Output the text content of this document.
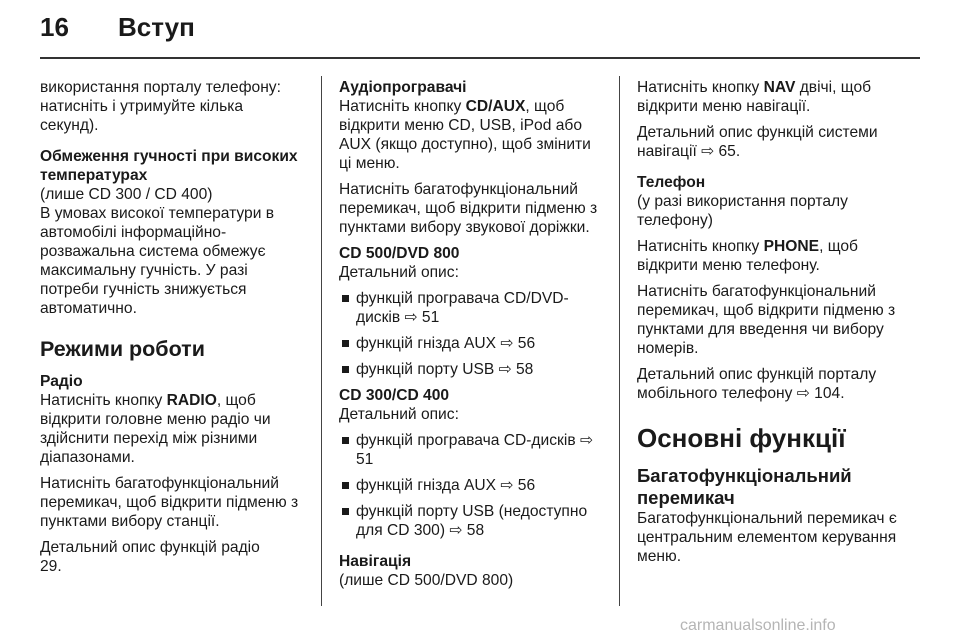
16 Вступ

використання порталу телефону: натисніть і утримуйте кілька секунд).

Обмеження гучності при високих температурах

(лише CD 300 / CD 400)

В умовах високої температури в автомобілі інформаційно-розважальна система обмежує максимальну гучність. У разі потреби гучність знижується автоматично.

Режими роботи

Радіо

Натисніть кнопку RADIO, щоб відкрити головне меню радіо чи здійснити перехід між різними діапазонами.

Натисніть багатофункціональний перемикач, щоб відкрити підменю з пунктами вибору станції.

Детальний опис функцій радіо
29.

Аудіопрогравачі

Натисніть кнопку CD/AUX, щоб відкрити меню CD, USB, iPod або AUX (якщо доступно), щоб змінити ці меню.

Натисніть багатофункціональний перемикач, щоб відкрити підменю з пунктами вибору звукової доріжки.

CD 500/DVD 800

Детальний опис:

функцій програвача CD/DVD-дисків ⇨ 51
функцій гнізда AUX ⇨ 56
функцій порту USB ⇨ 58

CD 300/CD 400

Детальний опис:

функцій програвача CD-дисків ⇨ 51
функцій гнізда AUX ⇨ 56
функцій порту USB (недоступно для CD 300) ⇨ 58

Навігація

(лише CD 500/DVD 800)

Натисніть кнопку NAV двічі, щоб відкрити меню навігації.

Детальний опис функцій системи навігації ⇨ 65.

Телефон

(у разі використання порталу телефону)

Натисніть кнопку PHONE, щоб відкрити меню телефону.

Натисніть багатофункціональний перемикач, щоб відкрити підменю з пунктами для введення чи вибору номерів.

Детальний опис функцій порталу мобільного телефону ⇨ 104.

Основні функції

Багатофункціональний перемикач

Багатофункціональний перемикач є центральним елементом керування меню.

carmanualsonline.info
